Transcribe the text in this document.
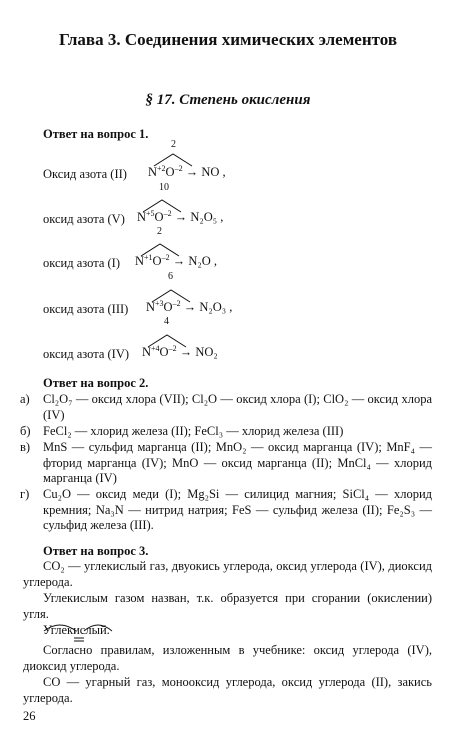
Глава 3. Соединения химических элементов
§ 17. Степень окисления
Ответ на вопрос 1.
Оксид азота (II)
2
$N^{+2}O^{-2}$ → NO ,
оксид азота (V)
10
$N^{+5}O^{-2} \to N_2O_5$ ,
оксид азота (I)
2
$N^{+1}O^{-2} \to N_2O$ ,
оксид азота (III)
6
$N^{+3}O^{-2} \to N_2O_3$ ,
оксид азота (IV)
4
$N^{+4}O^{-2} \to NO_2$
Ответ на вопрос 2.
а)	Cl₂O₇ — оксид хлора (VII); Cl₂O — оксид хлора (I); ClO₂ — оксид хлора (IV)
б) FeCl₂ — хлорид железа (II); FeCl₃ — хлорид железа (III)
в)	MnS — сульфид марганца (II); MnO₂ — оксид марганца (IV); MnF₄ — фторид марганца (IV); MnO — оксид марганца (II); MnCl₄ — хлорид марганца (IV)
г)	Cu₂O — оксид меди (I); Mg₂Si — силицид магния; SiCl₄ — хлорид кремния; Na₃N — нитрид натрия; FeS — сульфид железа (II); Fe₂S₃ — сульфид железа (III).
Ответ на вопрос 3.
CO₂ — углекислый газ, двуокись углерода, оксид углерода (IV), диоксид углерода.
Углекислым газом назван, т.к. образуется при сгорании (окислении) угля.
Углекислый.
Согласно правилам, изложенным в учебнике: оксид углерода (IV), диоксид углерода.
CO — угарный газ, монооксид углерода, оксид углерода (II), закись углерода.
26
